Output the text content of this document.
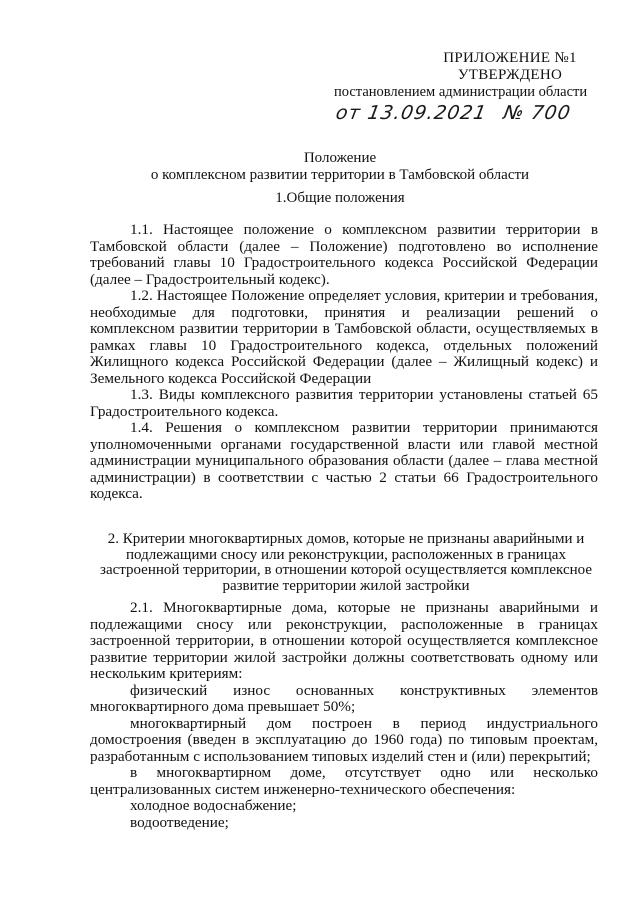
ПРИЛОЖЕНИЕ №1
УТВЕРЖДЕНО
постановлением администрации области
от 13.09.2021 № 700
Положение
о комплексном развитии территории в Тамбовской области
1.Общие положения

1.1. Настоящее положение о комплексном развитии территории в Тамбовской области (далее – Положение) подготовлено во исполнение требований главы 10 Градостроительного кодекса Российской Федерации (далее – Градостроительный кодекс).

1.2. Настоящее Положение определяет условия, критерии и требования, необходимые для подготовки, принятия и реализации решений о комплексном развитии территории в Тамбовской области, осуществляемых в рамках главы 10 Градостроительного кодекса, отдельных положений Жилищного кодекса Российской Федерации (далее – Жилищный кодекс) и Земельного кодекса Российской Федерации

1.3. Виды комплексного развития территории установлены статьей 65 Градостроительного кодекса.

1.4. Решения о комплексном развитии территории принимаются уполномоченными органами государственной власти или главой местной администрации муниципального образования области (далее – глава местной администрации) в соответствии с частью 2 статьи 66 Градостроительного кодекса.

2. Критерии многоквартирных домов, которые не признаны аварийными и
подлежащими сносу или реконструкции, расположенных в границах
застроенной территории, в отношении которой осуществляется комплексное
развитие территории жилой застройки

2.1. Многоквартирные дома, которые не признаны аварийными и подлежащими сносу или реконструкции, расположенные в границах застроенной территории, в отношении которой осуществляется комплексное развитие территории жилой застройки должны соответствовать одному или нескольким критериям:

физический износ основанных конструктивных элементов

многоквартирного дома превышает 50%;

многоквартирный дом построен в период индустриального

домостроения (введен в эксплуатацию до 1960 года) по типовым проектам, разработанным с использованием типовых изделий стен и (или) перекрытий;

в многоквартирном доме, отсутствует одно или несколько

централизованных систем инженерно-технического обеспечения:

холодное водоснабжение;

водоотведение;
